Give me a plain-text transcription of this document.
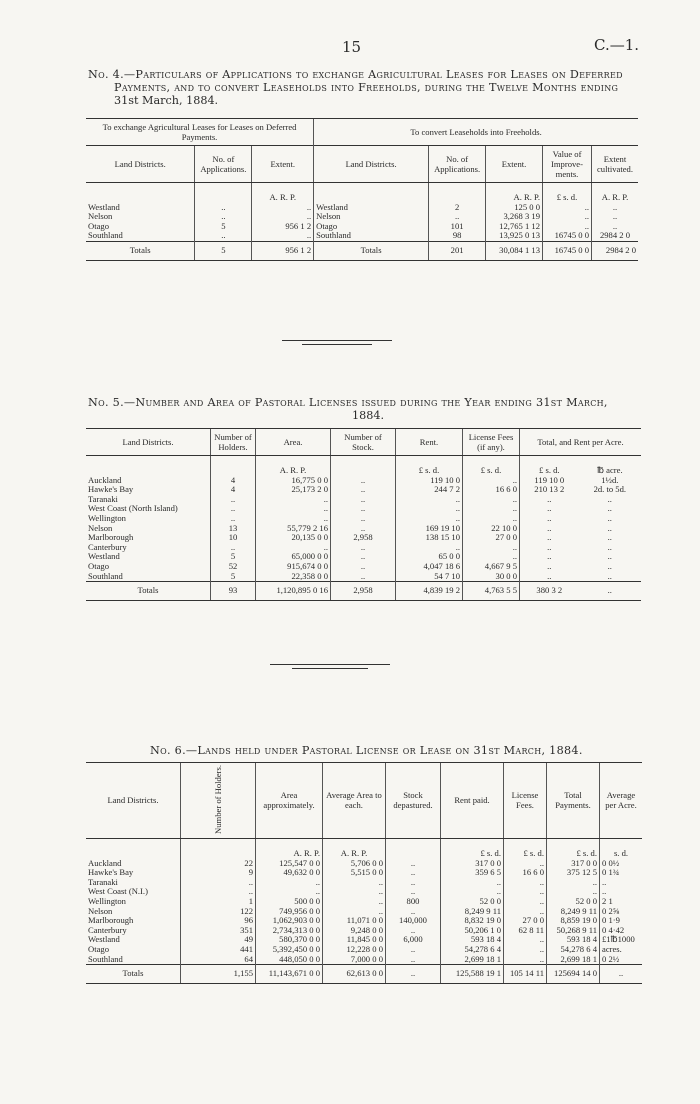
15	C.—1.
No. 4.—Particulars of Applications to exchange Agricultural Leases for Leases on Deferred
Payments, and to convert Leaseholds into Freeholds, during the Twelve Months ending
31st March, 1884.
To exchange Agricultural Leases for Leases on Deferred Payments.			To convert Leaseholds into Freeholds.				
Land Districts.	No. of Applications.	Extent.	Land Districts.	No. of Applications.	Extent.	Value of Improve- ments.	Extent cultivated.
		A. R. P.			A. R. P.	£ s. d.	A. R. P.
Westland	..	..	Westland	2	125 0 0	..	..
Nelson	..	..	Nelson	..	3,268 3 19	..	..
Otago	5	956 1 2	Otago	101	12,765 1 12	..	..
Southland	..	..	Southland	98	13,925 0 13	16745 0 0	2984 2 0
Totals	5	956 1 2	Totals	201	30,084 1 13	16745 0 0	2984 2 0
No. 5.—Number and Area of Pastoral Licenses issued during the Year ending 31st March,
1884.
Land Districts.	Number of Holders.	Area.	Number of Stock.	Rent.	License Fees (if any).	Total, and Rent per Acre.	
		A. R. P.		£ s. d.	£ s. d.	£ s. d.	℔ acre.
Auckland	4	16,775 0 0	..	119 10 0	..	119 10 0	1½d.
Hawke's Bay	4	25,173 2 0	..	244 7 2	16 6 0	210 13 2	2d. to 5d.
Taranaki	..	..	..	..	..	..	..
West Coast (North Island)	..	..	..	..	..	..	..
Wellington	..	..	..	..	..	..	..
Nelson	13	55,779 2 16	..	169 19 10	22 10 0	..	..
Marlborough	10	20,135 0 0	2,958	138 15 10	27 0 0	..	..
Canterbury	..	..	..	..	..	..	..
Westland	5	65,000 0 0	..	65 0 0	..	..	..
Otago	52	915,674 0 0	..	4,047 18 6	4,667 9 5	..	..
Southland	5	22,358 0 0	..	54 7 10	30 0 0	..	..
Totals	93	1,120,895 0 16	2,958	4,839 19 2	4,763 5 5	380 3 2	..
No. 6.—Lands held under Pastoral License or Lease on 31st March, 1884.
Land Districts.	Number of Holders.	Area approximately.	Average Area to each.	Stock depastured.	Rent paid.	License Fees.	Total Payments.	Average per Acre.
		A. R. P.	A. R. P.		£ s. d.	£ s. d.	£ s. d.	s. d.
Auckland	22	125,547 0 0	5,706 0 0	..	317 0 0	..	317 0 0	0 0½
Hawke's Bay	9	49,632 0 0	5,515 0 0	..	359 6 5	16 6 0	375 12 5	0 1¾
Taranaki	..	..	..	..	..	..	..	..
West Coast (N.I.)	..	..	..	..	..	..	..	..
Wellington	1	500 0 0	..	800	52 0 0	..	52 0 0	2 1
Nelson	122	749,956 0 0	..	..	8,249 9 11	..	8,249 9 11	0 2⅝
Marlborough	96	1,062,903 0 0	11,071 0 0	140,000	8,832 19 0	27 0 0	8,859 19 0	0 1·9
Canterbury	351	2,734,313 0 0	9,248 0 0	..	50,206 1 0	62 8 11	50,268 9 11	0 4·42
Westland	49	580,370 0 0	11,845 0 0	6,000	593 18 4	..	593 18 4	£1℔1000
Otago	441	5,392,450 0 0	12,228 0 0	..	54,278 6 4	..	54,278 6 4	acres.
Southland	64	448,050 0 0	7,000 0 0	..	2,699 18 1	..	2,699 18 1	0 2½
Totals	1,155	11,143,671 0 0	62,613 0 0	..	125,588 19 1	105 14 11	125694 14 0	..
